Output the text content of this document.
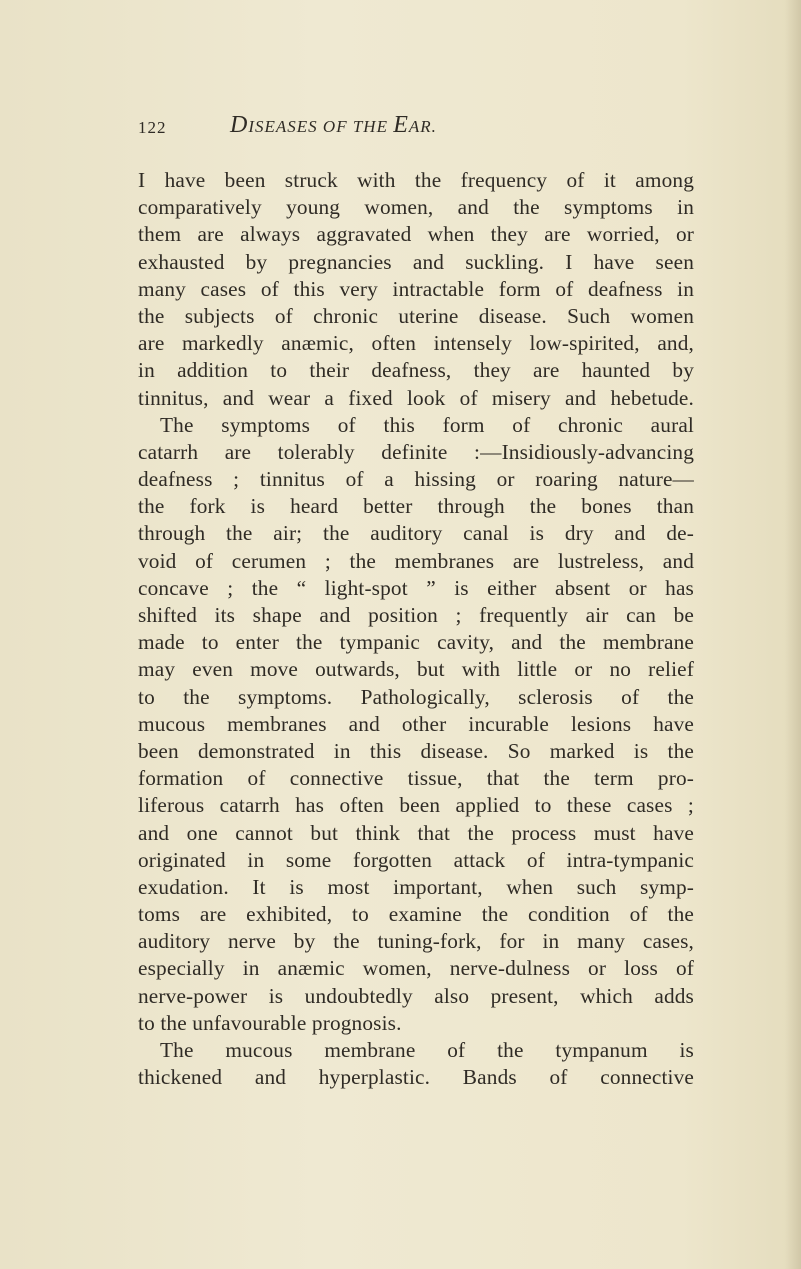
122	DISEASES OF THE EAR.
I have been struck with the frequency of it among
comparatively young women, and the symptoms in
them are always aggravated when they are worried, or
exhausted by pregnancies and suckling. I have seen
many cases of this very intractable form of deafness in
the subjects of chronic uterine disease. Such women
are markedly anæmic, often intensely low-spirited, and,
in addition to their deafness, they are haunted by
tinnitus, and wear a fixed look of misery and hebetude.
The symptoms of this form of chronic aural
catarrh are tolerably definite :—Insidiously-advancing
deafness ; tinnitus of a hissing or roaring nature—
the fork is heard better through the bones than
through the air; the auditory canal is dry and de-
void of cerumen ; the membranes are lustreless, and
concave ; the “ light-spot ” is either absent or has
shifted its shape and position ; frequently air can be
made to enter the tympanic cavity, and the membrane
may even move outwards, but with little or no relief
to the symptoms. Pathologically, sclerosis of the
mucous membranes and other incurable lesions have
been demonstrated in this disease. So marked is the
formation of connective tissue, that the term pro-
liferous catarrh has often been applied to these cases ;
and one cannot but think that the process must have
originated in some forgotten attack of intra-tympanic
exudation. It is most important, when such symp-
toms are exhibited, to examine the condition of the
auditory nerve by the tuning-fork, for in many cases,
especially in anæmic women, nerve-dulness or loss of
nerve-power is undoubtedly also present, which adds
to the unfavourable prognosis.
The mucous membrane of the tympanum is
thickened and hyperplastic. Bands of connective
